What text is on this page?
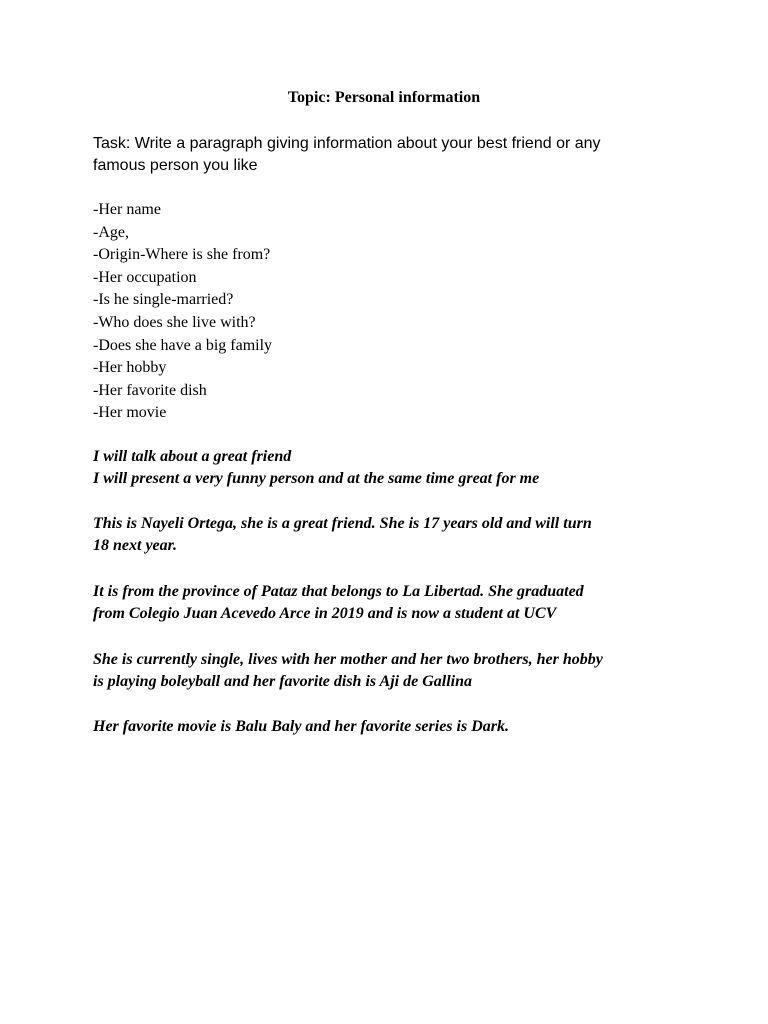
Topic: Personal information
Task: Write a paragraph giving information about your best friend or any
famous person you like
-Her name
-Age,
-Origin-Where is she from?
-Her occupation
-Is he single-married?
-Who does she live with?
-Does she have a big family
-Her hobby
-Her favorite dish
-Her movie
I will talk about a great friend
I will present a very funny person and at the same time great for me
This is Nayeli Ortega, she is a great friend. She is 17 years old and will turn
18 next year.
It is from the province of Pataz that belongs to La Libertad. She graduated
from Colegio Juan Acevedo Arce in 2019 and is now a student at UCV
She is currently single, lives with her mother and her two brothers, her hobby
is playing boleyball and her favorite dish is Aji de Gallina
Her favorite movie is Balu Baly and her favorite series is Dark.
